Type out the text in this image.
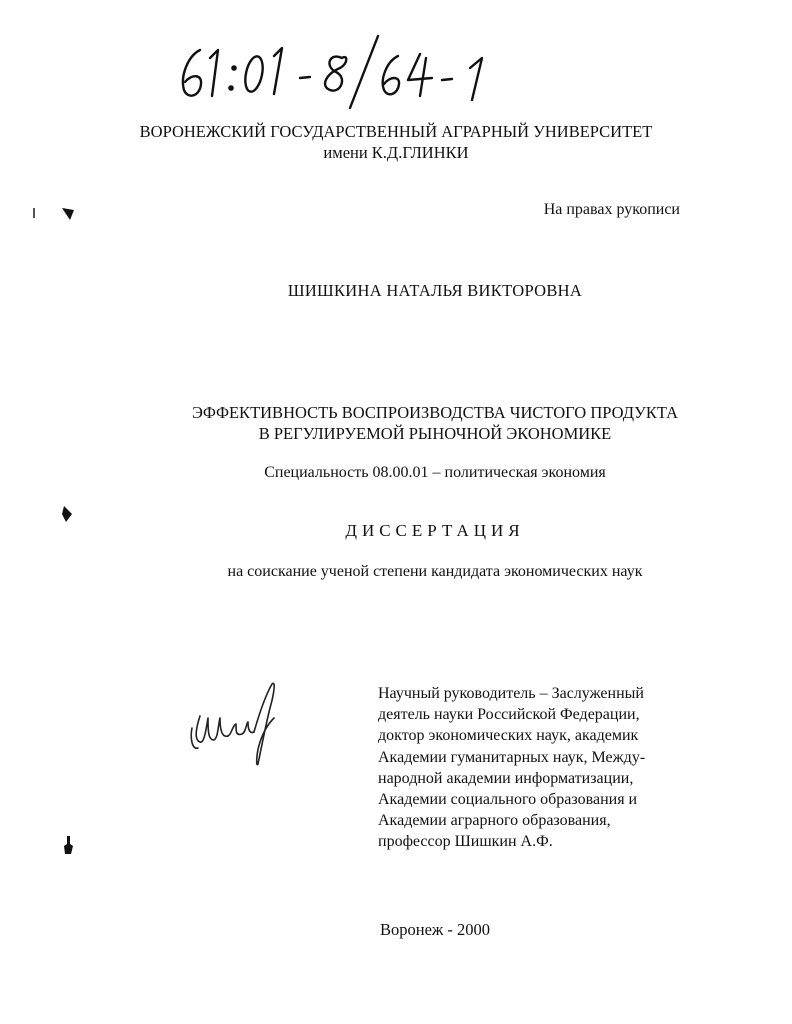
ВОРОНЕЖСКИЙ ГОСУДАРСТВЕННЫЙ АГРАРНЫЙ УНИВЕРСИТЕТ
имени К.Д.ГЛИНКИ
На правах рукописи
ШИШКИНА НАТАЛЬЯ ВИКТОРОВНА
ЭФФЕКТИВНОСТЬ ВОСПРОИЗВОДСТВА ЧИСТОГО ПРОДУКТА
В РЕГУЛИРУЕМОЙ РЫНОЧНОЙ ЭКОНОМИКЕ
Специальность 08.00.01 – политическая экономия
ДИССЕРТАЦИЯ
на соискание ученой степени кандидата экономических наук
Научный руководитель – Заслуженный
деятель науки Российской Федерации,
доктор экономических наук, академик
Академии гуманитарных наук, Между-
народной академии информатизации,
Академии социального образования и
Академии аграрного образования,
профессор Шишкин А.Ф.
Воронеж - 2000
